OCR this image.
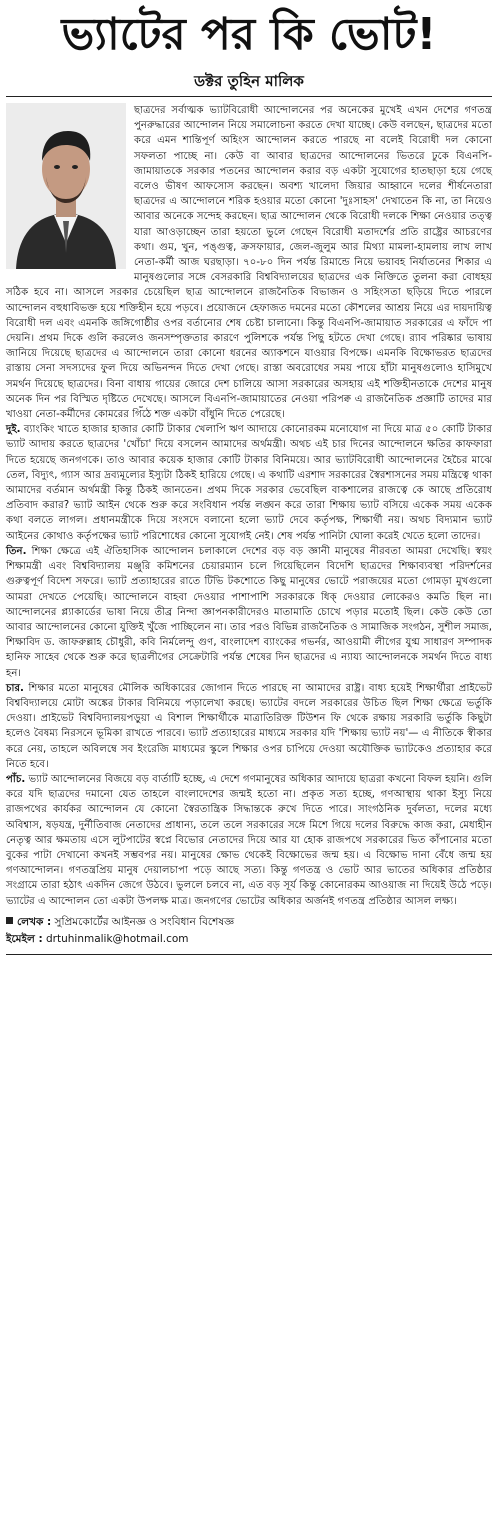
ভ্যাটের পর কি ভোট!
ডক্টর তুহিন মালিক

ছাত্রদের সর্বাত্মক ভ্যাটবিরোধী আন্দোলনের পর অনেকের মুখেই এখন দেশের গণতন্ত্র পুনরুদ্ধারের আন্দোলন নিয়ে সমালোচনা করতে দেখা যাচ্ছে। কেউ বলছেন, ছাত্রদের মতো করে এমন শান্তিপূর্ণ অহিংস আন্দোলন করতে পারছে না বলেই বিরোধী দল কোনো সফলতা পাচ্ছে না। কেউ বা আবার ছাত্রদের আন্দোলনের ভিতরে ঢুকে বিএনপি-জামায়াতকে সরকার পতনের আন্দোলন করার বড় একটা সুযোগের হাতছাড়া হয়ে গেছে বলেও ভীষণ আফসোস করছেন। অবশ্য খালেদা জিয়ার আহ্বানে দলের শীর্ষনেতারা ছাত্রদের এ আন্দোলনে শরিক হওয়ার মতো কোনো 'দুঃসাহস' দেখাতেন কি না, তা নিয়েও আবার অনেকে সন্দেহ করছেন। ছাত্র আন্দোলন থেকে বিরোধী দলকে শিক্ষা নেওয়ার তত্ত্ব যারা আওড়াচ্ছেন তারা হয়তো ভুলে গেছেন বিরোধী মতাদর্শের প্রতি রাষ্ট্রের আচরণের কথা। গুম, খুন, পঙ্গুত্ব, ক্রসফায়ার, জেল-জুলুম আর মিথ্যা মামলা-হামলায় লাখ লাখ নেতা-কর্মী আজ ঘরছাড়া। ৭০-৮০ দিন পর্যন্ত রিমান্ডে নিয়ে ভয়াবহ নির্যাতনের শিকার এ মানুষগুলোর সঙ্গে বেসরকারি বিশ্ববিদ্যালয়ের ছাত্রদের এক নিক্তিতে তুলনা করা বোধহয় সঠিক হবে না। আসলে সরকার চেয়েছিল ছাত্র আন্দোলনে রাজনৈতিক বিভাজন ও সহিংসতা ছড়িয়ে দিতে পারলে আন্দোলন বহুধাবিভক্ত হয়ে শক্তিহীন হয়ে পড়বে। প্রয়োজনে হেফাজত দমনের মতো কৌশলের আশ্রয় নিয়ে এর দায়দায়িত্ব বিরোধী দল এবং এমনকি জঙ্গিগোষ্ঠীর ওপর বর্তানোর শেষ চেষ্টা চালানো। কিন্তু বিএনপি-জামায়াত সরকারের এ ফাঁদে পা দেয়নি। প্রথম দিকে গুলি করলেও জনসম্পৃক্ততার কারণে পুলিশকে পর্যন্ত পিছু হটতে দেখা গেছে। র‍্যাব পরিষ্কার ভাষায় জানিয়ে দিয়েছে ছাত্রদের এ আন্দোলনে তারা কোনো ধরনের অ্যাকশনে যাওয়ার বিপক্ষে। এমনকি বিক্ষোভরত ছাত্রদের রাস্তায় সেনা সদস্যদের ফুল দিয়ে অভিনন্দন দিতে দেখা গেছে। রাস্তা অবরোধের সময় পায়ে হাঁটা মানুষগুলোও হাসিমুখে সমর্থন দিয়েছে ছাত্রদের। বিনা বাধায় গায়ের জোরে দেশ চালিয়ে আসা সরকারের অসহায় এই শক্তিহীনতাকে দেশের মানুষ অনেক দিন পর বিস্মিত দৃষ্টিতে দেখেছে। আসলে বিএনপি-জামায়াতের নেওয়া পরিপক্ব এ রাজনৈতিক প্রজ্ঞাটি তাদের মার খাওয়া নেতা-কর্মীদের কোমরের গিঁঠে শক্ত একটা বাঁধুনি দিতে পেরেছে।

দুই. ব্যাংকিং খাতে হাজার হাজার কোটি টাকার খেলাপি ঋণ আদায়ে কোনোরকম মনোযোগ না দিয়ে মাত্র ৫০ কোটি টাকার ভ্যাট আদায় করতে ছাত্রদের 'খোঁচা' দিয়ে বসলেন আমাদের অর্থমন্ত্রী। অথচ এই চার দিনের আন্দোলনে ক্ষতির কাফফারা দিতে হয়েছে জনগণকে। তাও আবার কয়েক হাজার কোটি টাকার বিনিময়ে। আর ভ্যাটবিরোধী আন্দোলনের হৈচৈর মাঝে তেল, বিদ্যুৎ, গ্যাস আর দ্রব্যমূল্যের ইস্যুটা ঠিকই হারিয়ে গেছে। এ কথাটি এরশাদ সরকারের স্বৈরশাসনের সময় মন্ত্রিত্বে থাকা আমাদের বর্তমান অর্থমন্ত্রী কিন্তু ঠিকই জানতেন। প্রথম দিকে সরকার ভেবেছিল বাকশালের রাজত্বে কে আছে প্রতিরোধ প্রতিবাদ করার? ভ্যাট আইন থেকে শুরু করে সংবিধান পর্যন্ত লঙ্ঘন করে তারা শিক্ষায় ভ্যাট বসিয়ে একেক সময় একেক কথা বলতে লাগল। প্রধানমন্ত্রীকে দিয়ে সংসদে বলানো হলো ভ্যাট দেবে কর্তৃপক্ষ, শিক্ষার্থী নয়। অথচ বিদ্যমান ভ্যাট আইনের কোথাও কর্তৃপক্ষের ভ্যাট পরিশোধের কোনো সুযোগই নেই। শেষ পর্যন্ত পানিটা ঘোলা করেই খেতে হলো তাদের।

তিন. শিক্ষা ক্ষেত্রে এই ঐতিহাসিক আন্দোলন চলাকালে দেশের বড় বড় জ্ঞানী মানুষের নীরবতা আমরা দেখেছি। স্বয়ং শিক্ষামন্ত্রী এবং বিশ্ববিদ্যালয় মঞ্জুরি কমিশনের চেয়ারম্যান চলে গিয়েছিলেন বিদেশি ছাত্রদের শিক্ষাব্যবস্থা পরিদর্শনের গুরুত্বপূর্ণ বিদেশ সফরে। ভ্যাট প্রত্যাহারের রাতে টিভি টকশোতে কিছু মানুষের ভোটে পরাজয়ের মতো গোমড়া মুখগুলো আমরা দেখতে পেয়েছি। আন্দোলনে বাহবা দেওয়ার পাশাপাশি সরকারকে ধিক্ দেওয়ার লোকেরও কমতি ছিল না। আন্দোলনের প্ল্যাকার্ডের ভাষা নিয়ে তীব্র নিন্দা জ্ঞাপনকারীদেরও মাতামাতি চোখে পড়ার মতোই ছিল। কেউ কেউ তো আবার আন্দোলনের কোনো যুক্তিই খুঁজে পাচ্ছিলেন না। তার পরও বিভিন্ন রাজনৈতিক ও সামাজিক সংগঠন, সুশীল সমাজ, শিক্ষাবিদ ড. জাফরুল্লাহ চৌধুরী, কবি নির্মলেন্দু গুণ, বাংলাদেশ ব্যাংকের গভর্নর, আওয়ামী লীগের যুগ্ম সাধারণ সম্পাদক হানিফ সাহেব থেকে শুরু করে ছাত্রলীগের সেক্রেটারি পর্যন্ত শেষের দিন ছাত্রদের এ ন্যায্য আন্দোলনকে সমর্থন দিতে বাধ্য হন।

চার. শিক্ষার মতো মানুষের মৌলিক অধিকারের জোগান দিতে পারছে না আমাদের রাষ্ট্র। বাধ্য হয়েই শিক্ষার্থীরা প্রাইভেট বিশ্ববিদ্যালয়ে মোটা অঙ্কের টাকার বিনিময়ে পড়ালেখা করছে। ভ্যাটের বদলে সরকারের উচিত ছিল শিক্ষা ক্ষেত্রে ভর্তুকি দেওয়া। প্রাইভেট বিশ্ববিদ্যালয়পড়ুয়া এ বিশাল শিক্ষার্থীকে মাত্রাতিরিক্ত টিউশন ফি থেকে রক্ষায় সরকারি ভর্তুকি কিছুটা হলেও বৈষম্য নিরসনে ভূমিকা রাখতে পারবে। ভ্যাট প্রত্যাহারের মাধ্যমে সরকার যদি 'শিক্ষায় ভ্যাট নয়'— এ নীতিকে স্বীকার করে নেয়, তাহলে অবিলম্বে সব ইংরেজি মাধ্যমের স্কুলে শিক্ষার ওপর চাপিয়ে দেওয়া অযৌক্তিক ভ্যাটকেও প্রত্যাহার করে নিতে হবে।

পাঁচ. ভ্যাট আন্দোলনের বিজয়ে বড় বার্তাটি হচ্ছে, এ দেশে গণমানুষের অধিকার আদায়ে ছাত্ররা কখনো বিফল হয়নি। গুলি করে যদি ছাত্রদের দমানো যেত তাহলে বাংলাদেশের জন্মই হতো না। প্রকৃত সত্য হচ্ছে, গণআস্থায় থাকা ইস্যু নিয়ে রাজপথের কার্যকর আন্দোলন যে কোনো স্বৈরতান্ত্রিক সিদ্ধান্তকে রুখে দিতে পারে। সাংগঠনিক দুর্বলতা, দলের মধ্যে অবিশ্বাস, ষড়যন্ত্র, দুর্নীতিবাজ নেতাদের প্রাধান্য, তলে তলে সরকারের সঙ্গে মিশে গিয়ে দলের বিরুদ্ধে কাজ করা, মেধাহীন নেতৃত্ব আর ক্ষমতায় এসে লুটপাটের স্বপ্নে বিভোর নেতাদের দিয়ে আর যা হোক রাজপথে সরকারের ভিত কাঁপানোর মতো বুকের পাটা দেখানো কখনই সম্ভবপর নয়। মানুষের ক্ষোভ থেকেই বিক্ষোভের জন্ম হয়। এ বিক্ষোভ দানা বেঁধে জন্ম হয় গণআন্দোলন। গণতন্ত্রপ্রিয় মানুষ দেয়ালচাপা পড়ে আছে সত্য। কিন্তু গণতন্ত্র ও ভোট আর ভাতের অধিকার প্রতিষ্ঠার সংগ্রামে তারা হঠাৎ একদিন জেগে উঠবে। ভুললে চলবে না, এত বড় সূর্য কিন্তু কোনোরকম আওয়াজ না দিয়েই উঠে পড়ে। ভ্যাটের এ আন্দোলন তো একটা উপলক্ষ মাত্র। জনগণের ভোটের অধিকার অর্জনই গণতন্ত্র প্রতিষ্ঠার আসল লক্ষ্য।

লেখক : সুপ্রিমকোর্টের আইনজ্ঞ ও সংবিধান বিশেষজ্ঞ
ইমেইল : drtuhinmalik@hotmail.com
